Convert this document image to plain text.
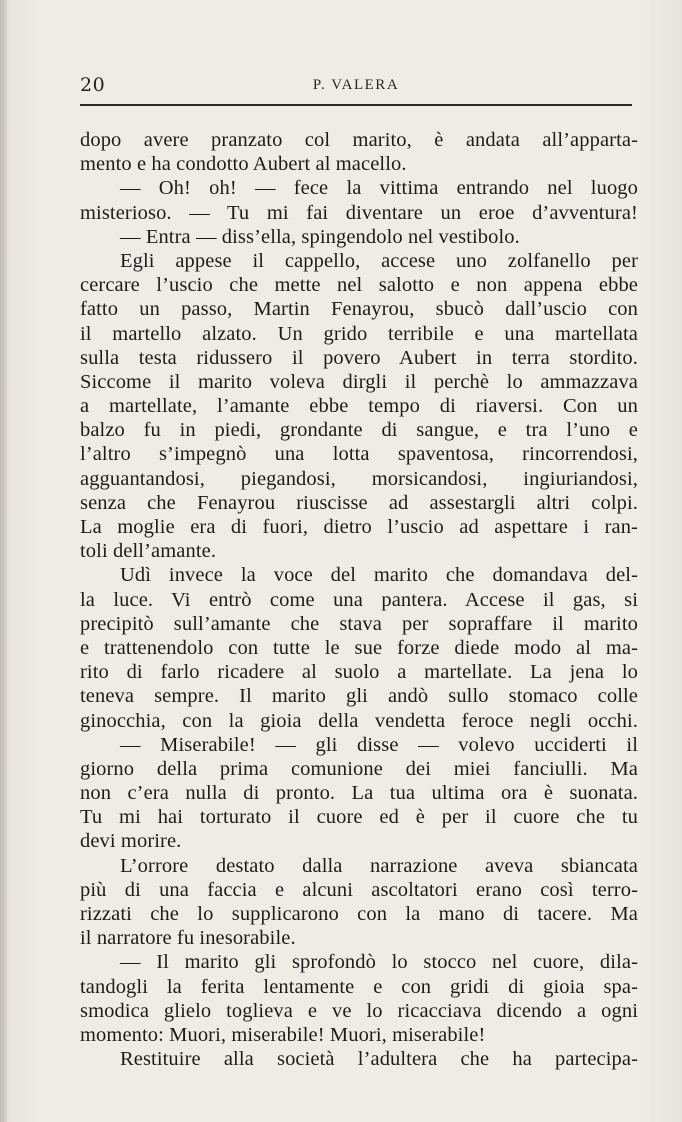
20	P. VALERA
dopo avere pranzato col marito, è andata all’apparta-
mento e ha condotto Aubert al macello.
— Oh! oh! — fece la vittima entrando nel luogo
misterioso. — Tu mi fai diventare un eroe d’avventura!
— Entra — diss’ella, spingendolo nel vestibolo.
Egli appese il cappello, accese uno zolfanello per
cercare l’uscio che mette nel salotto e non appena ebbe
fatto un passo, Martin Fenayrou, sbucò dall’uscio con
il martello alzato. Un grido terribile e una martellata
sulla testa ridussero il povero Aubert in terra stordito.
Siccome il marito voleva dirgli il perchè lo ammazzava
a martellate, l’amante ebbe tempo di riaversi. Con un
balzo fu in piedi, grondante di sangue, e tra l’uno e
l’altro s’impegnò una lotta spaventosa, rincorrendosi,
agguantandosi, piegandosi, morsicandosi, ingiuriandosi,
senza che Fenayrou riuscisse ad assestargli altri colpi.
La moglie era di fuori, dietro l’uscio ad aspettare i ran-
toli dell’amante.
Udì invece la voce del marito che domandava del-
la luce. Vi entrò come una pantera. Accese il gas, si
precipitò sull’amante che stava per sopraffare il marito
e trattenendolo con tutte le sue forze diede modo al ma-
rito di farlo ricadere al suolo a martellate. La jena lo
teneva sempre. Il marito gli andò sullo stomaco colle
ginocchia, con la gioia della vendetta feroce negli occhi.
— Miserabile! — gli disse — volevo ucciderti il
giorno della prima comunione dei miei fanciulli. Ma
non c’era nulla di pronto. La tua ultima ora è suonata.
Tu mi hai torturato il cuore ed è per il cuore che tu
devi morire.
L’orrore destato dalla narrazione aveva sbiancata
più di una faccia e alcuni ascoltatori erano così terro-
rizzati che lo supplicarono con la mano di tacere. Ma
il narratore fu inesorabile.
— Il marito gli sprofondò lo stocco nel cuore, dila-
tandogli la ferita lentamente e con gridi di gioia spa-
smodica glielo toglieva e ve lo ricacciava dicendo a ogni
momento: Muori, miserabile! Muori, miserabile!
Restituire alla società l’adultera che ha partecipa-
